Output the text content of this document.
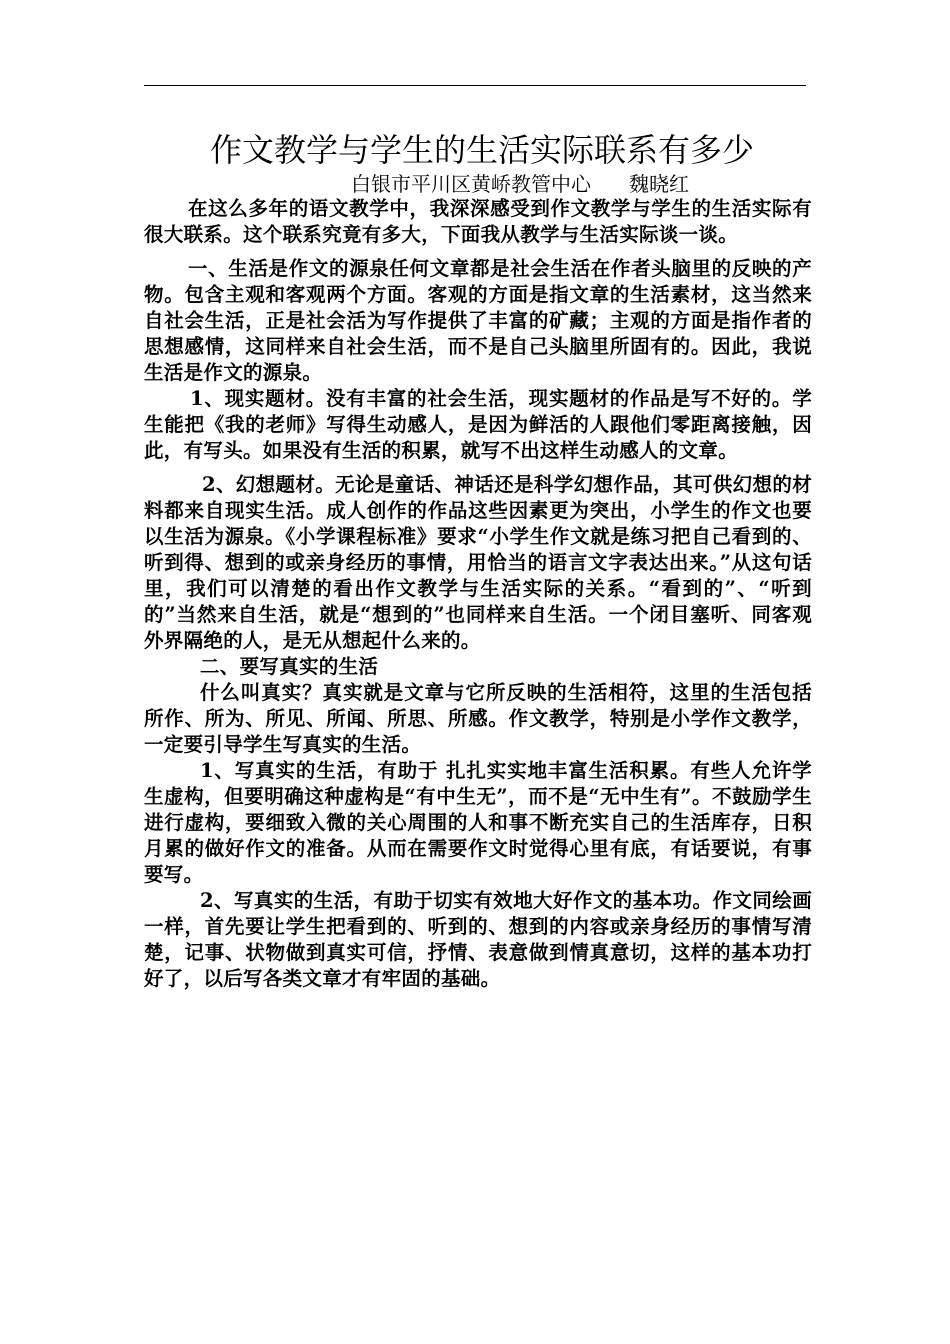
作文教学与学生的生活实际联系有多少

白银市平川区黄峤教管中心 魏晓红

在这么多年的语文教学中，我深深感受到作文教学与学生的生活实际有很大联系。这个联系究竟有多大，下面我从教学与生活实际谈一谈。

一、生活是作文的源泉任何文章都是社会生活在作者头脑里的反映的产物。包含主观和客观两个方面。客观的方面是指文章的生活素材，这当然来自社会生活，正是社会活为写作提供了丰富的矿藏；主观的方面是指作者的思想感情，这同样来自社会生活，而不是自己头脑里所固有的。因此，我说生活是作文的源泉。

1、现实题材。没有丰富的社会生活，现实题材的作品是写不好的。学生能把《我的老师》写得生动感人，是因为鲜活的人跟他们零距离接触，因此，有写头。如果没有生活的积累，就写不出这样生动感人的文章。

2、幻想题材。无论是童话、神话还是科学幻想作品，其可供幻想的材料都来自现实生活。成人创作的作品这些因素更为突出，小学生的作文也要以生活为源泉。《小学课程标准》要求“小学生作文就是练习把自己看到的、听到得、想到的或亲身经历的事情，用恰当的语言文字表达出来。”从这句话里，我们可以清楚的看出作文教学与生活实际的关系。“看到的”、“听到的”当然来自生活，就是“想到的”也同样来自生活。一个闭目塞听、同客观外界隔绝的人，是无从想起什么来的。

二、要写真实的生活

什么叫真实？真实就是文章与它所反映的生活相符，这里的生活包括所作、所为、所见、所闻、所思、所感。作文教学，特别是小学作文教学，一定要引导学生写真实的生活。

1、写真实的生活，有助于 扎扎实实地丰富生活积累。有些人允许学生虚构，但要明确这种虚构是“有中生无”，而不是“无中生有”。不鼓励学生进行虚构，要细致入微的关心周围的人和事不断充实自己的生活库存，日积月累的做好作文的准备。从而在需要作文时觉得心里有底，有话要说，有事要写。

2、写真实的生活，有助于切实有效地大好作文的基本功。作文同绘画一样，首先要让学生把看到的、听到的、想到的内容或亲身经历的事情写清楚，记事、状物做到真实可信，抒情、表意做到情真意切，这样的基本功打好了，以后写各类文章才有牢固的基础。
